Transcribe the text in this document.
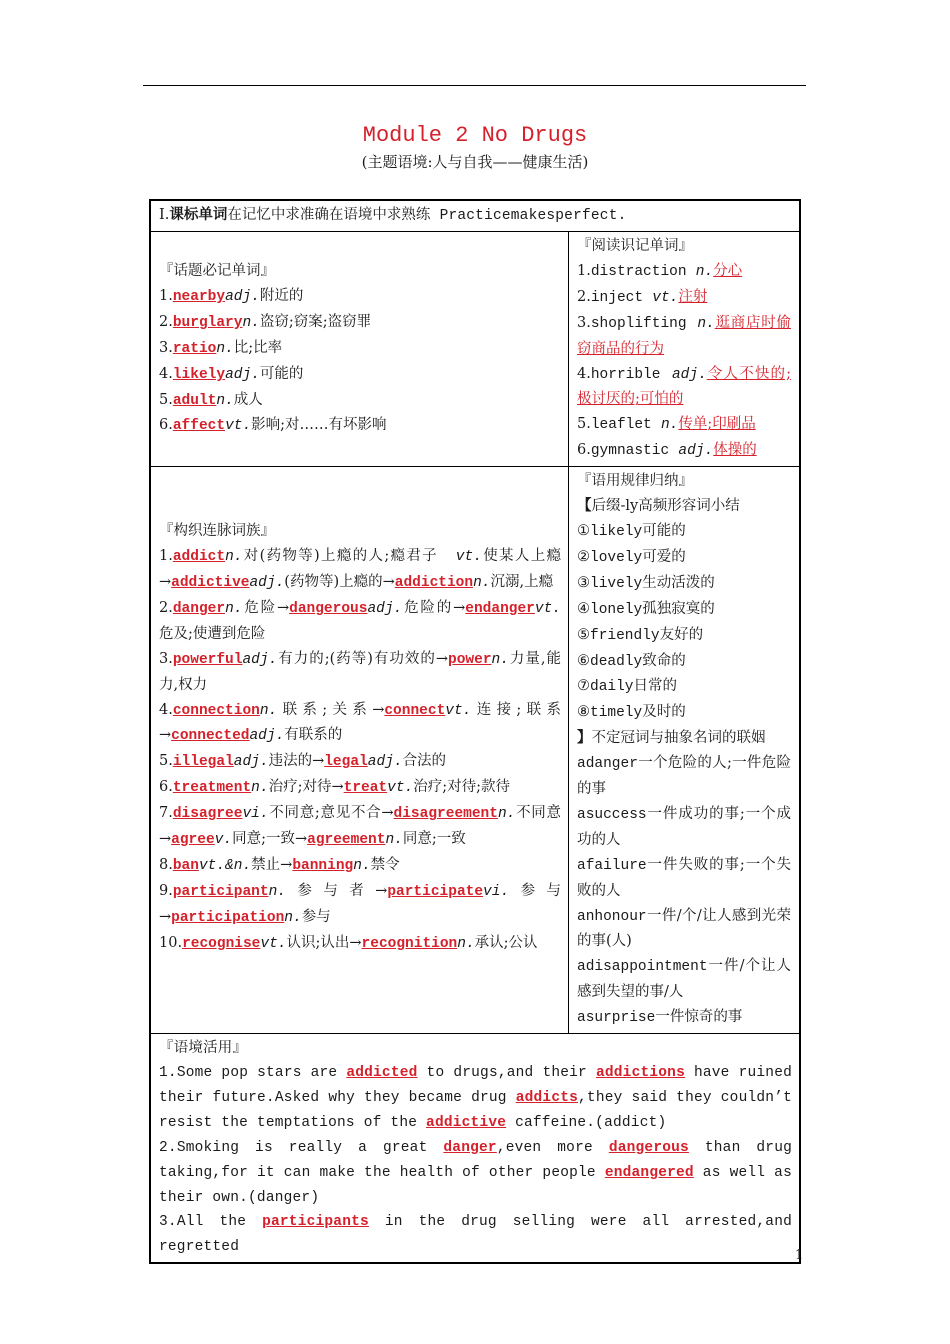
Module 2 No Drugs
(主题语境:人与自我——健康生活)
Ⅰ.课标单词在记忆中求准确在语境中求熟练 Practicemakesperfect.
『话题必记单词』
1.nearbyadj.附近的
2.burglaryn.盗窃;窃案;盗窃罪
3.ration.比;比率
4.likelyadj.可能的
5.adultn.成人
6.affectvt.影响;对……有坏影响
『阅读识记单词』
1.distraction n.分心
2.inject vt.注射
3.shoplifting n.逛商店时偷窃商品的行为
4.horrible adj.令人不快的;极讨厌的;可怕的
5.leaflet n.传单;印刷品
6.gymnastic adj.体操的
『构织连脉词族』
1.addictn.对(药物等)上瘾的人;瘾君子 vt.使某人上瘾→addictiveadj.(药物等)上瘾的→addictionn.沉溺,上瘾
2.dangern.危险→dangerousadj.危险的→endangervt.危及;使遭到危险
3.powerfuladj.有力的;(药等)有功效的→powern.力量,能力,权力
4.connectionn.联系;关系→connectvt.连接;联系→connectedadj.有联系的
5.illegaladj.违法的→legaladj.合法的
6.treatmentn.治疗;对待→treatvt.治疗;对待;款待
7.disagreevi.不同意;意见不合→disagreementn.不同意→agreev.同意;一致→agreementn.同意;一致
8.banvt.&n.禁止→banningn.禁令
9.participantn.参与者→participatevi.参与→participationn.参与
10.recognisevt.认识;认出→recognitionn.承认;公认
『语用规律归纳』
【后缀-ly高频形容词小结
①likely可能的
②lovely可爱的
③lively生动活泼的
④lonely孤独寂寞的
⑤friendly友好的
⑥deadly致命的
⑦daily日常的
⑧timely及时的
】不定冠词与抽象名词的联姻
adanger一个危险的人;一件危险的事
asuccess一件成功的事;一个成功的人
afailure一件失败的事;一个失败的人
anhonour一件/个/让人感到光荣的事(人)
adisappointment一件/个让人感到失望的事/人
asurprise一件惊奇的事
『语境活用』
1.Some pop stars are addicted to drugs,and their addictions have ruined their future.Asked why they became drug addicts,they said they couldn’t resist the temptations of the addictive caffeine.(addict)
2.Smoking is really a great danger,even more dangerous than drug taking,for it can make the health of other people endangered as well as their own.(danger)
3.All the participants in the drug selling were all arrested,and regretted
1
